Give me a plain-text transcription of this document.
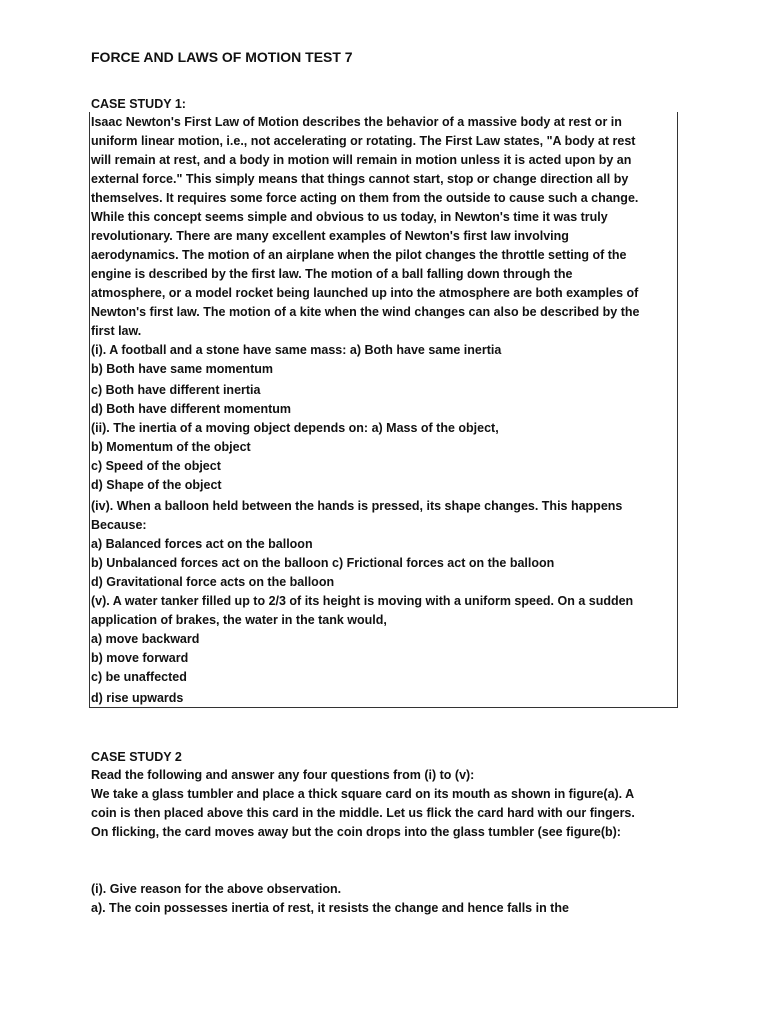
FORCE AND LAWS OF MOTION TEST 7
CASE STUDY 1:
Isaac Newton's First Law of Motion describes the behavior of a massive body at rest or in
uniform linear motion, i.e., not accelerating or rotating. The First Law states, "A body at rest
will remain at rest, and a body in motion will remain in motion unless it is acted upon by an
external force." This simply means that things cannot start, stop or change direction all by
themselves. It requires some force acting on them from the outside to cause such a change.
While this concept seems simple and obvious to us today, in Newton's time it was truly
revolutionary. There are many excellent examples of Newton's first law involving
aerodynamics. The motion of an airplane when the pilot changes the throttle setting of the
engine is described by the first law. The motion of a ball falling down through the
atmosphere, or a model rocket being launched up into the atmosphere are both examples of
Newton's first law. The motion of a kite when the wind changes can also be described by the
first law.
(i). A football and a stone have same mass: a) Both have same inertia
b) Both have same momentum
c) Both have different inertia
d) Both have different momentum
(ii). The inertia of a moving object depends on: a) Mass of the object,
b) Momentum of the object
c) Speed of the object
d) Shape of the object
(iv). When a balloon held between the hands is pressed, its shape changes. This happens
Because:
a) Balanced forces act on the balloon
b) Unbalanced forces act on the balloon c) Frictional forces act on the balloon
d) Gravitational force acts on the balloon
(v). A water tanker filled up to 2/3 of its height is moving with a uniform speed. On a sudden
application of brakes, the water in the tank would,
a) move backward
b) move forward
c) be unaffected
d) rise upwards
CASE STUDY 2
Read the following and answer any four questions from (i) to (v):
We take a glass tumbler and place a thick square card on its mouth as shown in figure(a). A
coin is then placed above this card in the middle. Let us flick the card hard with our fingers.
On flicking, the card moves away but the coin drops into the glass tumbler (see figure(b):
(i). Give reason for the above observation.
a). The coin possesses inertia of rest, it resists the change and hence falls in the
